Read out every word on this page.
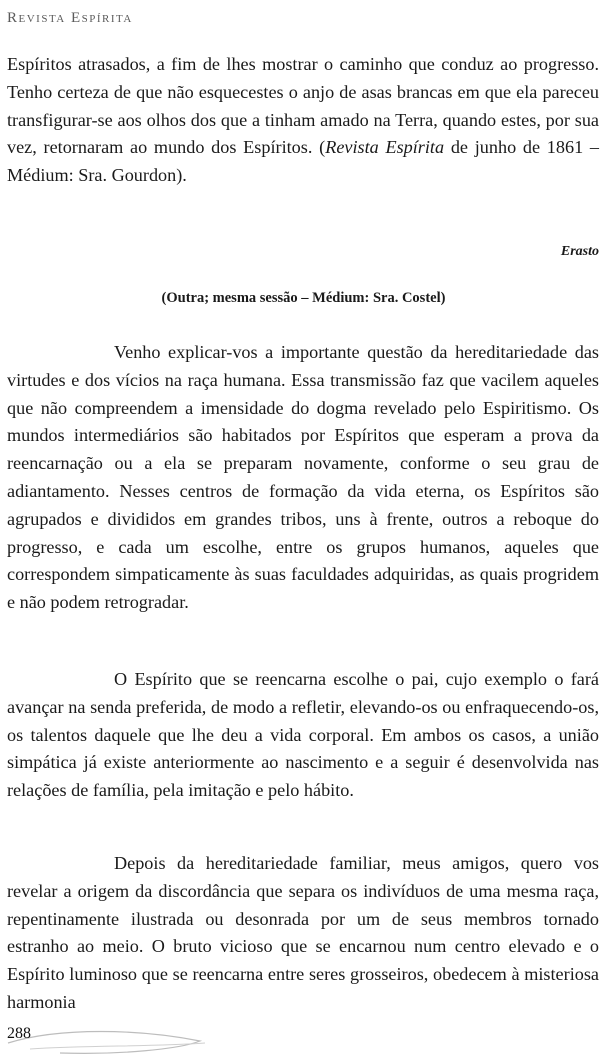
Revista Espírita
Espíritos atrasados, a fim de lhes mostrar o caminho que conduz ao progresso. Tenho certeza de que não esquecestes o anjo de asas brancas em que ela pareceu transfigurar-se aos olhos dos que a tinham amado na Terra, quando estes, por sua vez, retornaram ao mundo dos Espíritos. (Revista Espírita de junho de 1861 – Médium: Sra. Gourdon).
Erasto
(Outra; mesma sessão – Médium: Sra. Costel)
Venho explicar-vos a importante questão da hereditariedade das virtudes e dos vícios na raça humana. Essa transmissão faz que vacilem aqueles que não compreendem a imensidade do dogma revelado pelo Espiritismo. Os mundos intermediários são habitados por Espíritos que esperam a prova da reencarnação ou a ela se preparam novamente, conforme o seu grau de adiantamento. Nesses centros de formação da vida eterna, os Espíritos são agrupados e divididos em grandes tribos, uns à frente, outros a reboque do progresso, e cada um escolhe, entre os grupos humanos, aqueles que correspondem simpaticamente às suas faculdades adquiridas, as quais progridem e não podem retrogradar.
O Espírito que se reencarna escolhe o pai, cujo exemplo o fará avançar na senda preferida, de modo a refletir, elevando-os ou enfraquecendo-os, os talentos daquele que lhe deu a vida corporal. Em ambos os casos, a união simpática já existe anteriormente ao nascimento e a seguir é desenvolvida nas relações de família, pela imitação e pelo hábito.
Depois da hereditariedade familiar, meus amigos, quero vos revelar a origem da discordância que separa os indivíduos de uma mesma raça, repentinamente ilustrada ou desonrada por um de seus membros tornado estranho ao meio. O bruto vicioso que se encarnou num centro elevado e o Espírito luminoso que se reencarna entre seres grosseiros, obedecem à misteriosa harmonia
288
